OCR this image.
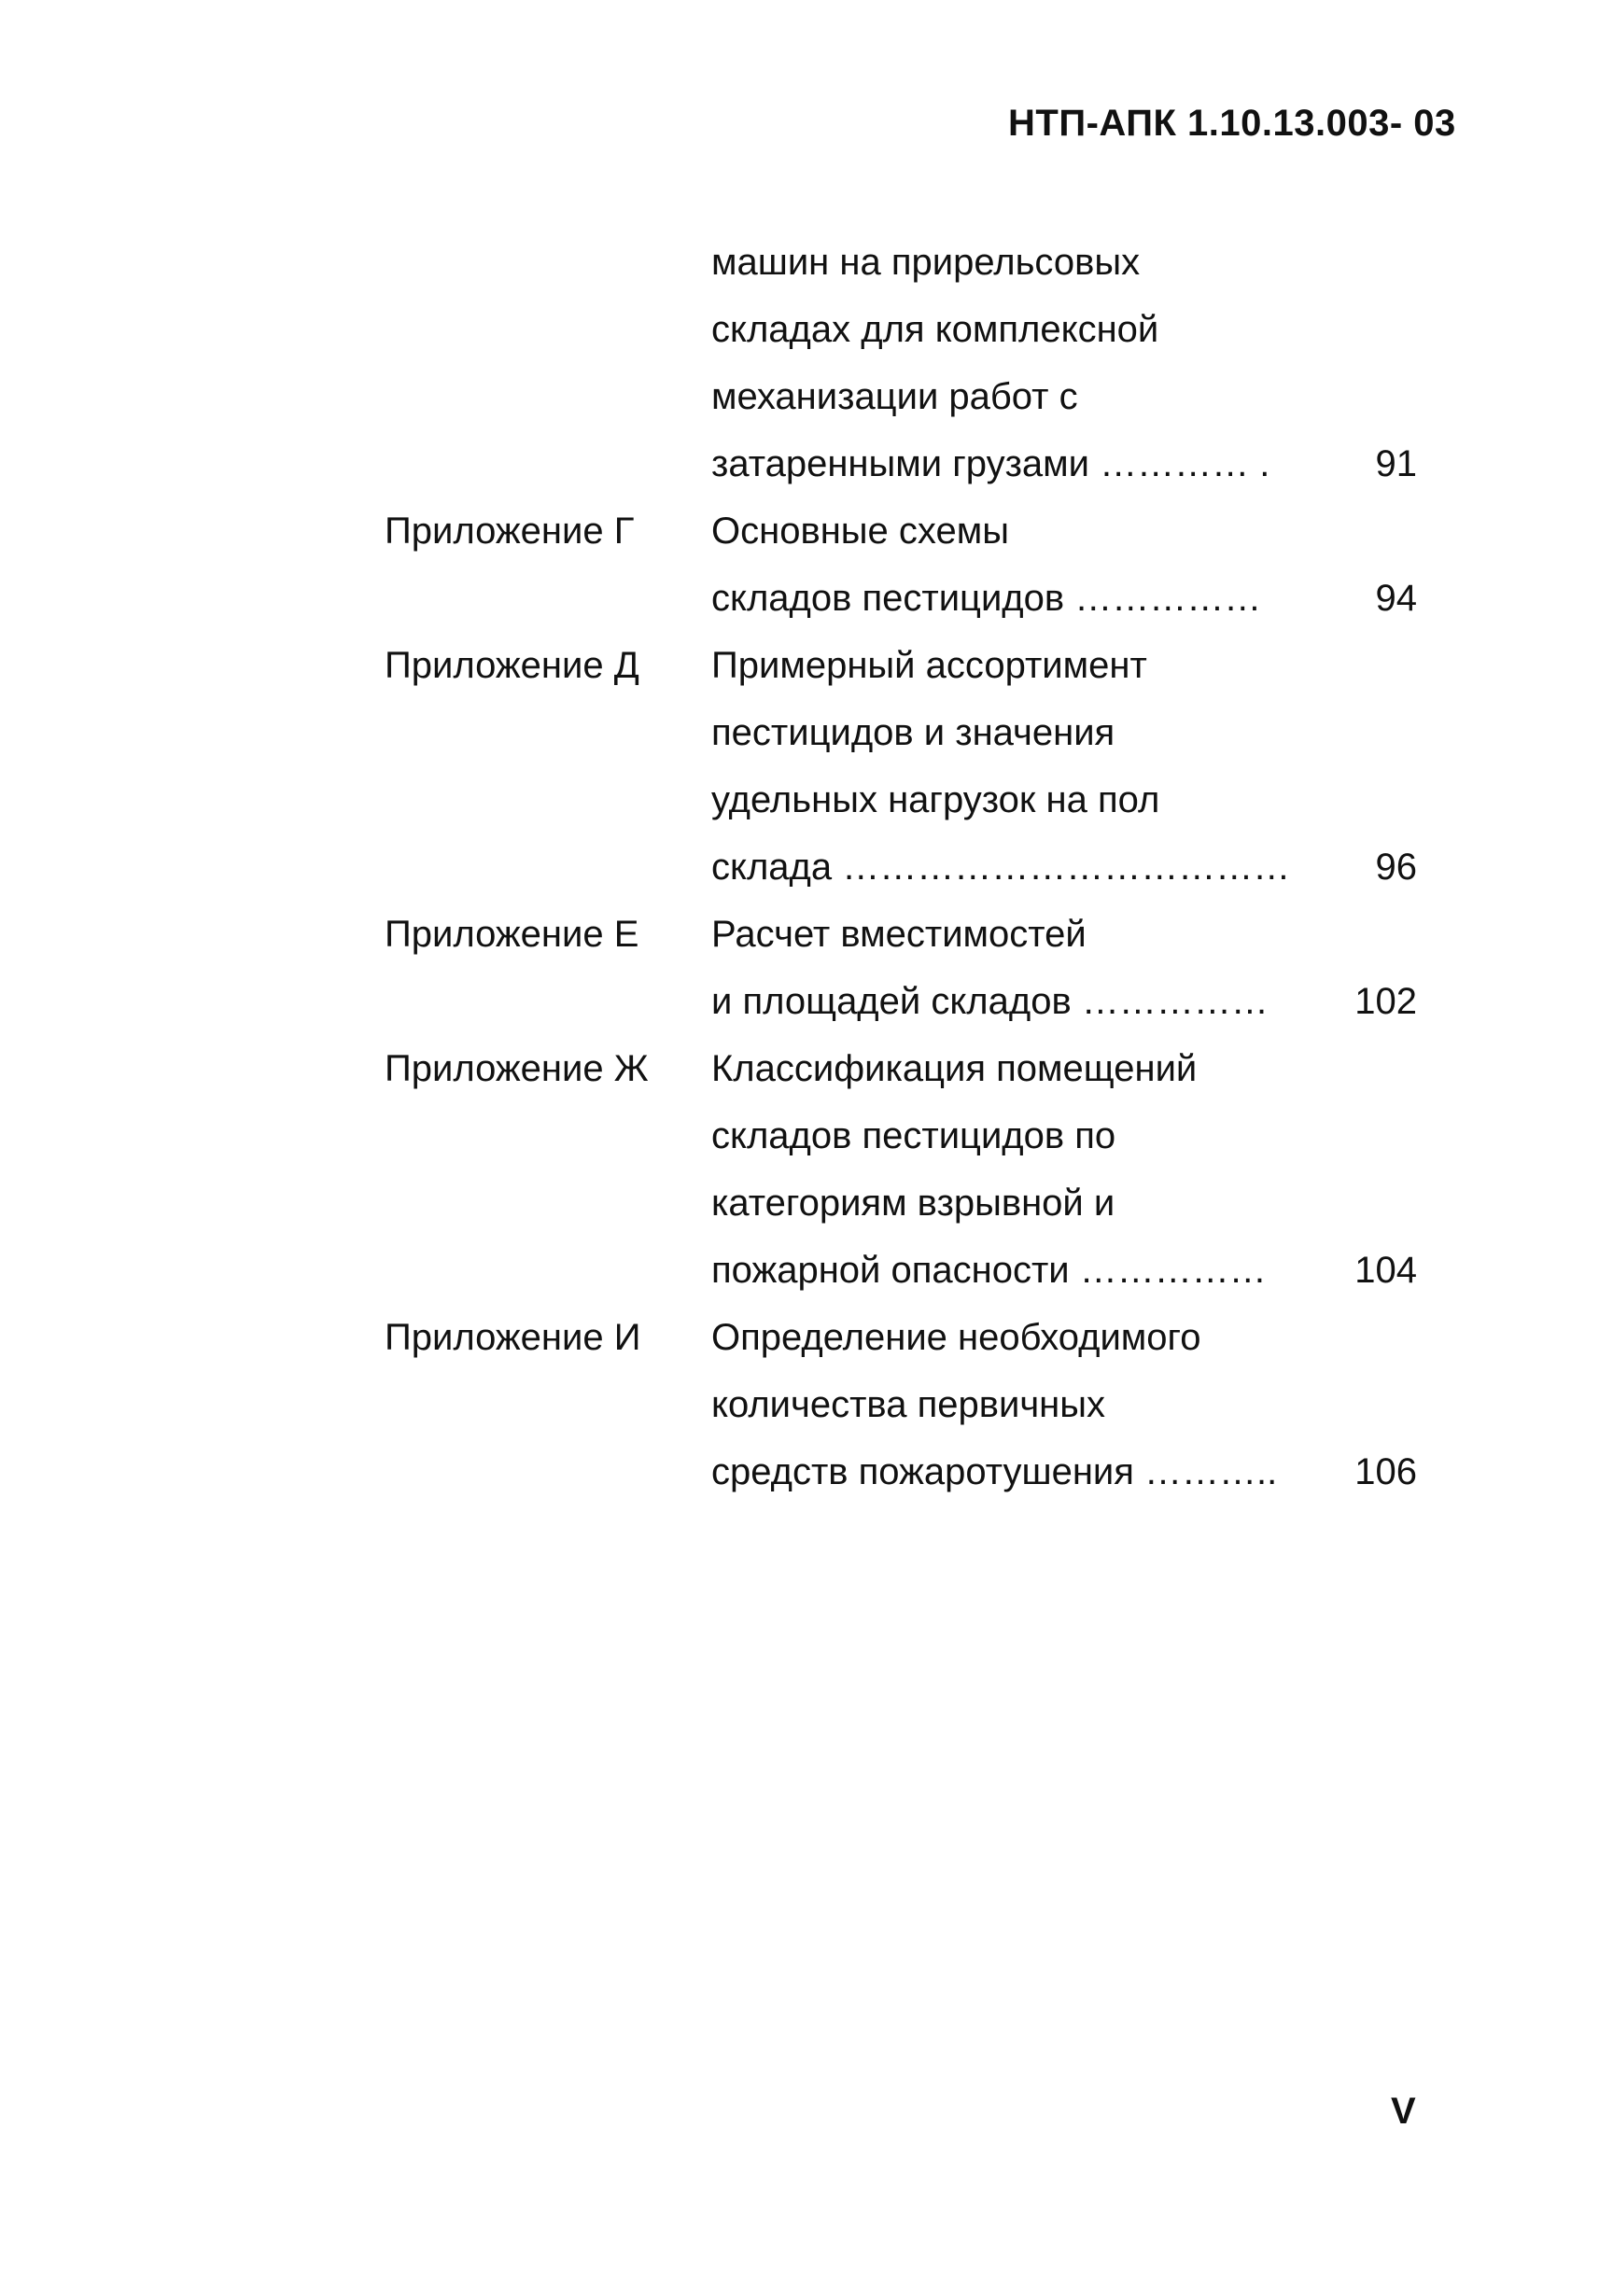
НТП-АПК 1.10.13.003- 03
машин на прирельсовых
складах для комплексной
механизации работ с
затаренными грузами ………… .	91
Приложение Г Основные схемы
складов пестицидов ……………	94
Приложение Д Примерный ассортимент
пестицидов и значения
удельных нагрузок на пол
склада ……………………………… 96
Приложение Е Расчет вместимостей
и площадей складов …………… 102
Приложение Ж Классификация помещений
складов пестицидов по
категориям взрывной и
пожарной опасности …………… 104
Приложение И Определение необходимого
количества первичных
средств пожаротушения ……….. 106
V
